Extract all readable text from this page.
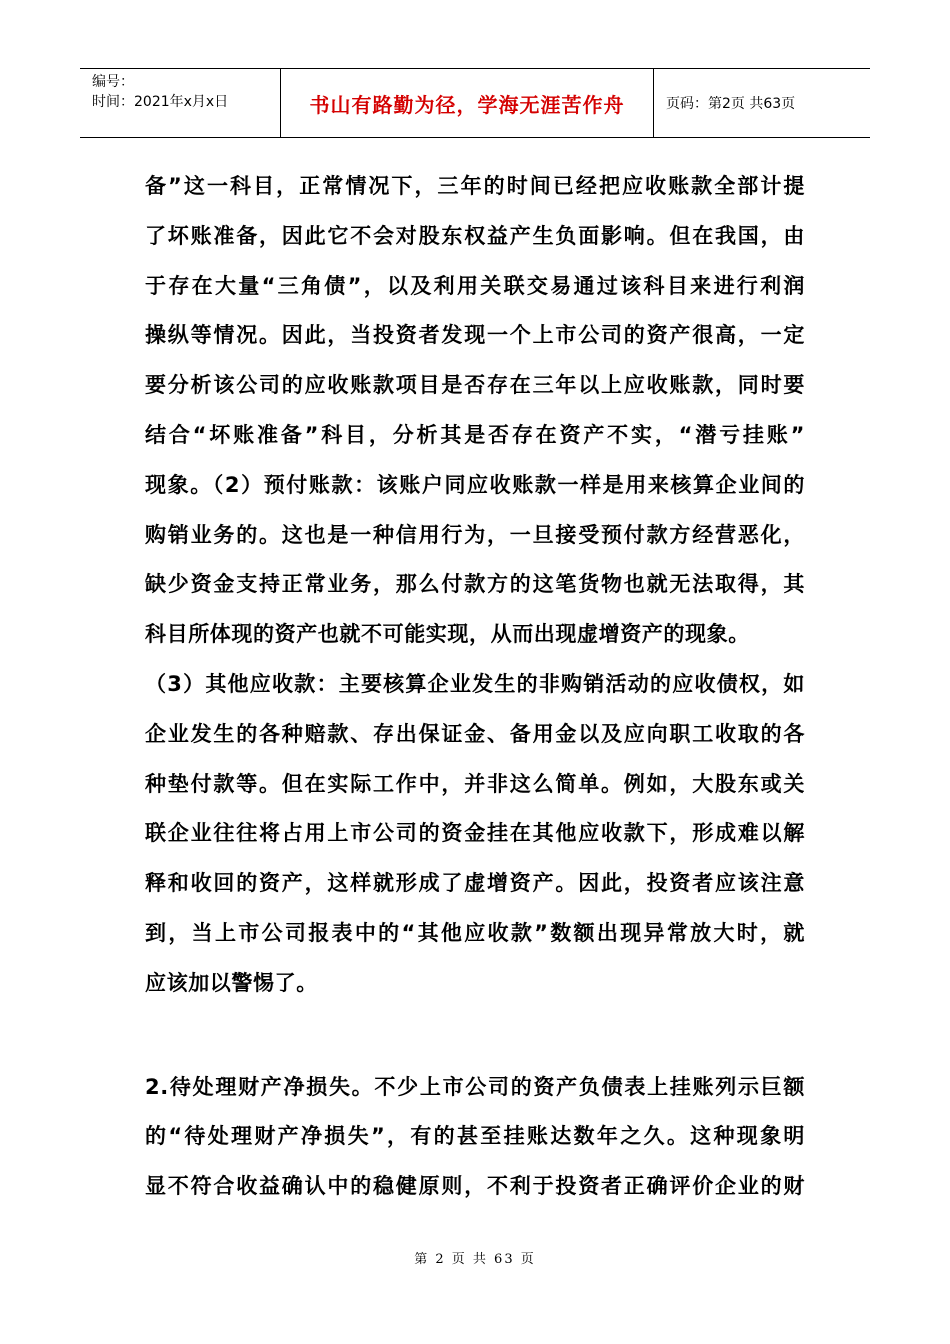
编号：
时间：2021年x月x日	书山有路勤为径，学海无涯苦作舟	页码：第2页 共63页
备”这一科目，正常情况下，三年的时间已经把应收账款全部计提
了坏账准备，因此它不会对股东权益产生负面影响。但在我国，由
于存在大量“三角债”，以及利用关联交易通过该科目来进行利润
操纵等情况。因此，当投资者发现一个上市公司的资产很高，一定
要分析该公司的应收账款项目是否存在三年以上应收账款，同时要
结合“坏账准备”科目，分析其是否存在资产不实，“潜亏挂账”
现象。（2）预付账款：该账户同应收账款一样是用来核算企业间的
购销业务的。这也是一种信用行为，一旦接受预付款方经营恶化，
缺少资金支持正常业务，那么付款方的这笔货物也就无法取得，其
科目所体现的资产也就不可能实现，从而出现虚增资产的现象。
（3）其他应收款：主要核算企业发生的非购销活动的应收债权，如
企业发生的各种赔款、存出保证金、备用金以及应向职工收取的各
种垫付款等。但在实际工作中，并非这么简单。例如，大股东或关
联企业往往将占用上市公司的资金挂在其他应收款下，形成难以解
释和收回的资产，这样就形成了虚增资产。因此，投资者应该注意
到，当上市公司报表中的“其他应收款”数额出现异常放大时，就
应该加以警惕了。
2.待处理财产净损失。不少上市公司的资产负债表上挂账列示巨额
的“待处理财产净损失”，有的甚至挂账达数年之久。这种现象明
显不符合收益确认中的稳健原则，不利于投资者正确评价企业的财
第 2 页 共 63 页
